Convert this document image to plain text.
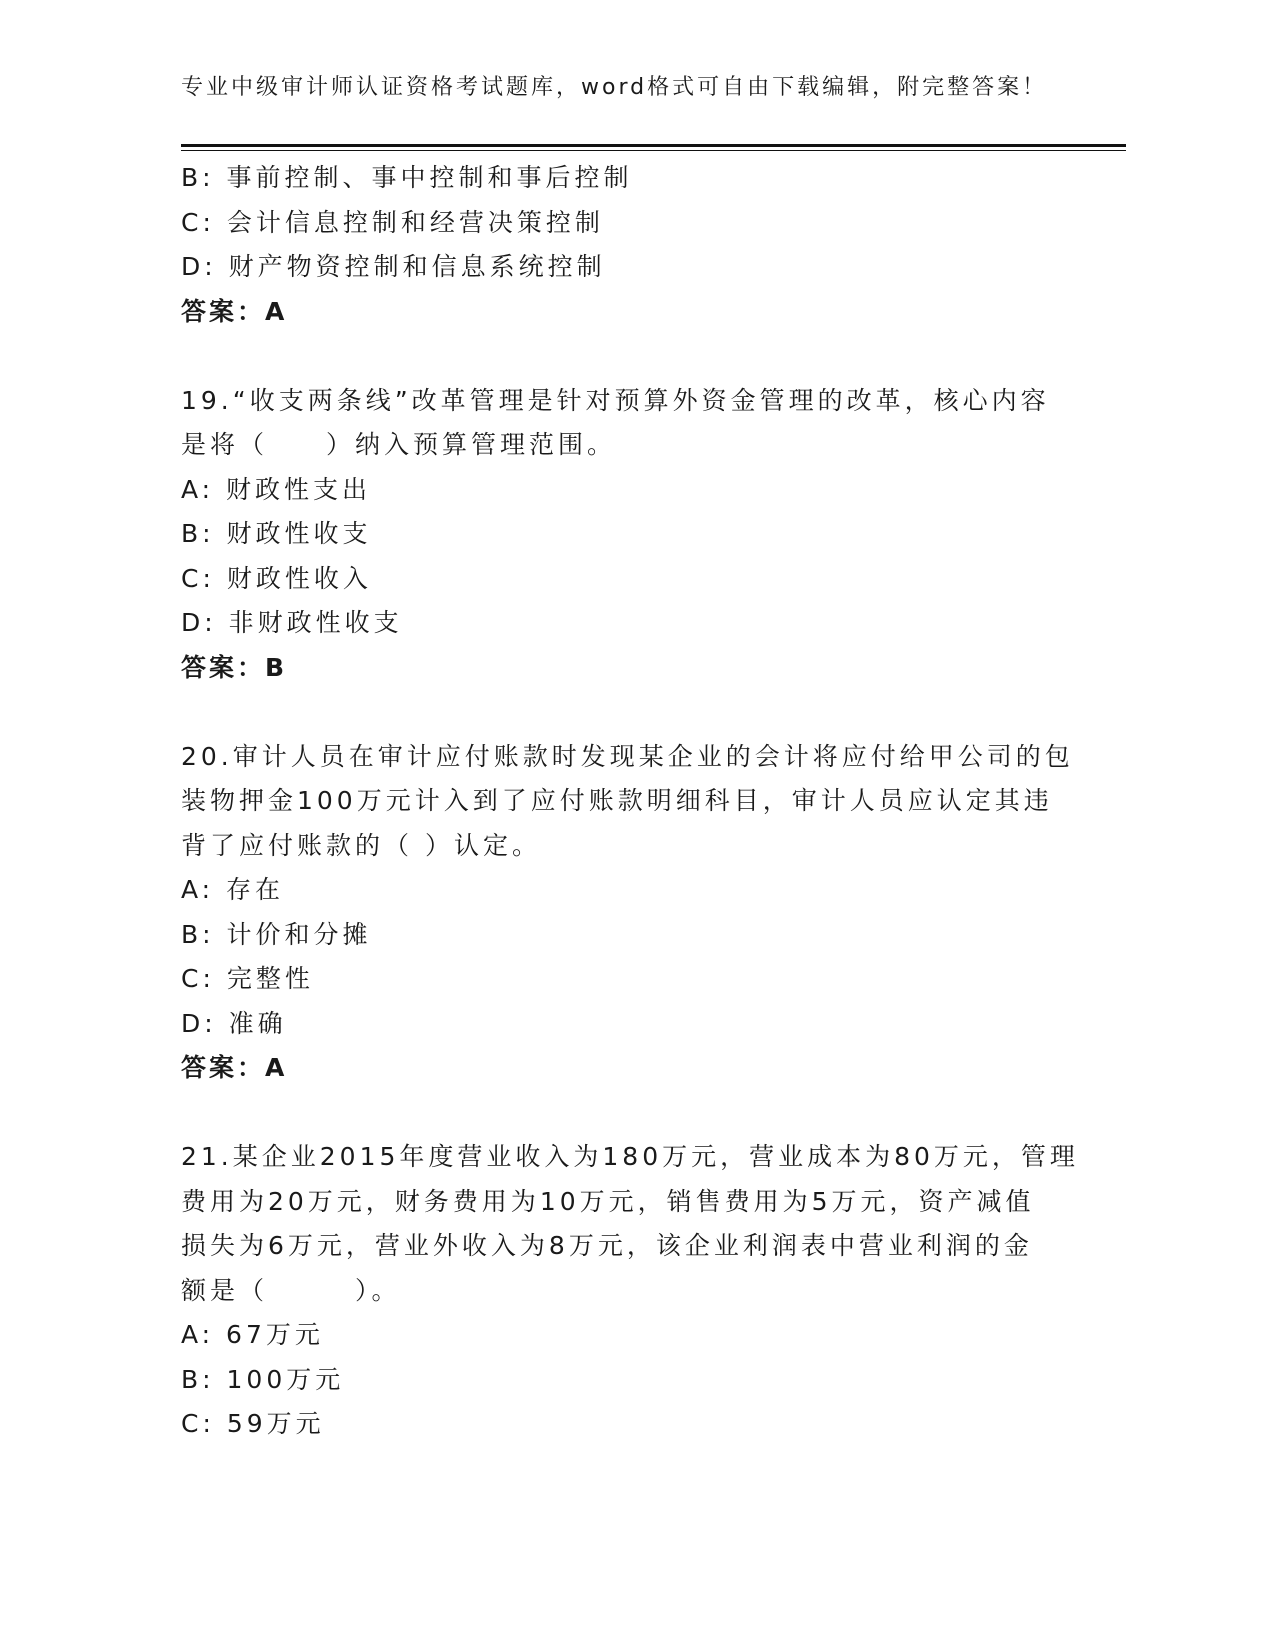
专业中级审计师认证资格考试题库，word格式可自由下载编辑，附完整答案！
B: 事前控制、事中控制和事后控制
C: 会计信息控制和经营决策控制
D: 财产物资控制和信息系统控制
答案：A
19.“收支两条线”改革管理是针对预算外资金管理的改革，核心内容
是将（　　）纳入预算管理范围。
A: 财政性支出
B: 财政性收支
C: 财政性收入
D: 非财政性收支
答案：B
20.审计人员在审计应付账款时发现某企业的会计将应付给甲公司的包
装物押金100万元计入到了应付账款明细科目，审计人员应认定其违
背了应付账款的（ ）认定。
A: 存在
B: 计价和分摊
C: 完整性
D: 准确
答案：A
21.某企业2015年度营业收入为180万元，营业成本为80万元，管理
费用为20万元，财务费用为10万元，销售费用为5万元，资产减值
损失为6万元，营业外收入为8万元，该企业利润表中营业利润的金
额是（　　　）。
A: 67万元
B: 100万元
C: 59万元
